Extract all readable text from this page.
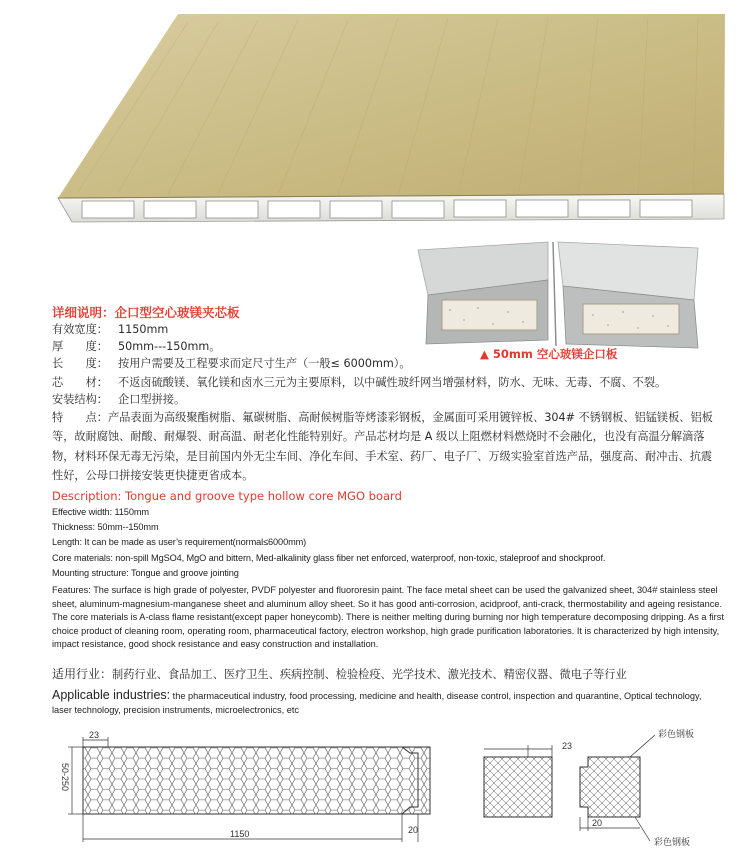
▲ 50mm 空心玻镁企口板
详细说明：企口型空心玻镁夹芯板
有效宽度： 1150mm
厚　　度： 50mm---150mm。
长　　度： 按用户需要及工程要求而定尺寸生产（一般≤ 6000mm）。
芯　　材： 不返卤硫酸镁、氧化镁和卤水三元为主要原料，以中碱性玻纤网当增强材料，防水、无味、无毒、不腐、不裂。
安装结构： 企口型拼接。
特　　点：产品表面为高级聚酯树脂、氟碳树脂、高耐候树脂等烤漆彩钢板，金属面可采用镀锌板、304# 不锈钢板、铝锰镁板、铝板等，故耐腐蚀、耐酸、耐爆裂、耐高温、耐老化性能特别好。产品芯材均是 A 级以上阻燃材料燃烧时不会融化，也没有高温分解滴落物，材料环保无毒无污染，是目前国内外无尘车间、净化车间、手术室、药厂、电子厂、万级实验室首选产品，强度高、耐冲击、抗震性好，公母口拼接安装更快捷更省成本。
Description: Tongue and groove type hollow core MGO board
Effective width: 1150mm
Thickness: 50mm--150mm
Length: It can be made as user’s requirement(normal≤6000mm)
Core materials: non-spill MgSO4, MgO and bittern, Med-alkalinity glass fiber net enforced, waterproof, non-toxic, staleproof and shockproof.
Mounting structure: Tongue and groove jointing
Features: The surface is high grade of polyester, PVDF polyester and fluororesin paint. The face metal sheet can be used the galvanized sheet, 304# stainless steel sheet, aluminum-magnesium-manganese sheet and aluminum alloy sheet. So it has good anti-corrosion, acidproof, anti-crack, thermostability and ageing resistance. The core materials is A-class flame resistant(except paper honeycomb). There is neither melting during burning nor high temperature decomposing dripping. As a first choice product of cleaning room, operating room, pharmaceutical factory, electron workshop, high grade purification laboratories. It is characterized by high intensity, impact resistance, good shock resistance and easy construction and installation.
适用行业：制药行业、食品加工、医疗卫生、疾病控制、检验检疫、光学技术、激光技术、精密仪器、微电子等行业
Applicable industries: the pharmaceutical industry, food processing, medicine and health, disease control, inspection and quarantine, Optical technology, laser technology, precision instruments, microelectronics, etc
23
50-250
1150	20
23
20
彩色钢板
彩色钢板
